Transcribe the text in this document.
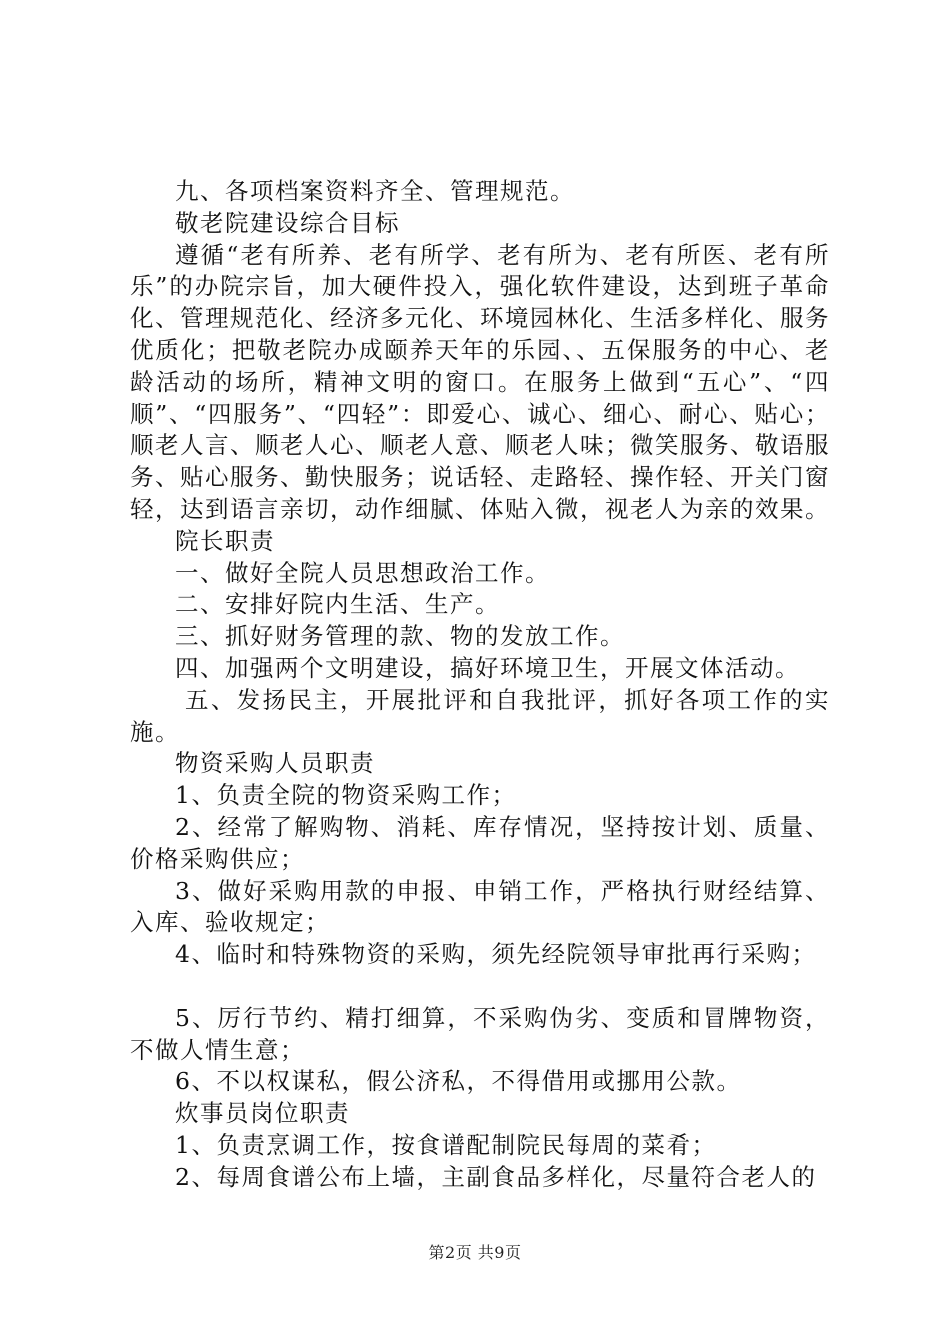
九、各项档案资料齐全、管理规范。

敬老院建设综合目标

遵循“老有所养、老有所学、老有所为、老有所医、老有所乐”的办院宗旨，加大硬件投入，强化软件建设，达到班子革命化、管理规范化、经济多元化、环境园林化、生活多样化、服务优质化；把敬老院办成颐养天年的乐园、、五保服务的中心、老龄活动的场所，精神文明的窗口。在服务上做到“五心”、“四顺”、“四服务”、“四轻”：即爱心、诚心、细心、耐心、贴心；顺老人言、顺老人心、顺老人意、顺老人味；微笑服务、敬语服务、贴心服务、勤快服务；说话轻、走路轻、操作轻、开关门窗轻，达到语言亲切，动作细腻、体贴入微，视老人为亲的效果。

院长职责

一、做好全院人员思想政治工作。

二、安排好院内生活、生产。

三、抓好财务管理的款、物的发放工作。

四、加强两个文明建设，搞好环境卫生，开展文体活动。

五、发扬民主，开展批评和自我批评，抓好各项工作的实施。

物资采购人员职责

1、负责全院的物资采购工作；

2、经常了解购物、消耗、库存情况，坚持按计划、质量、价格采购供应；

3、做好采购用款的申报、申销工作，严格执行财经结算、入库、验收规定；

4、临时和特殊物资的采购，须先经院领导审批再行采购；

5、厉行节约、精打细算，不采购伪劣、变质和冒牌物资，不做人情生意；

6、不以权谋私，假公济私，不得借用或挪用公款。

炊事员岗位职责

1、负责烹调工作，按食谱配制院民每周的菜肴；

2、每周食谱公布上墙，主副食品多样化，尽量符合老人的

第2页 共9页
